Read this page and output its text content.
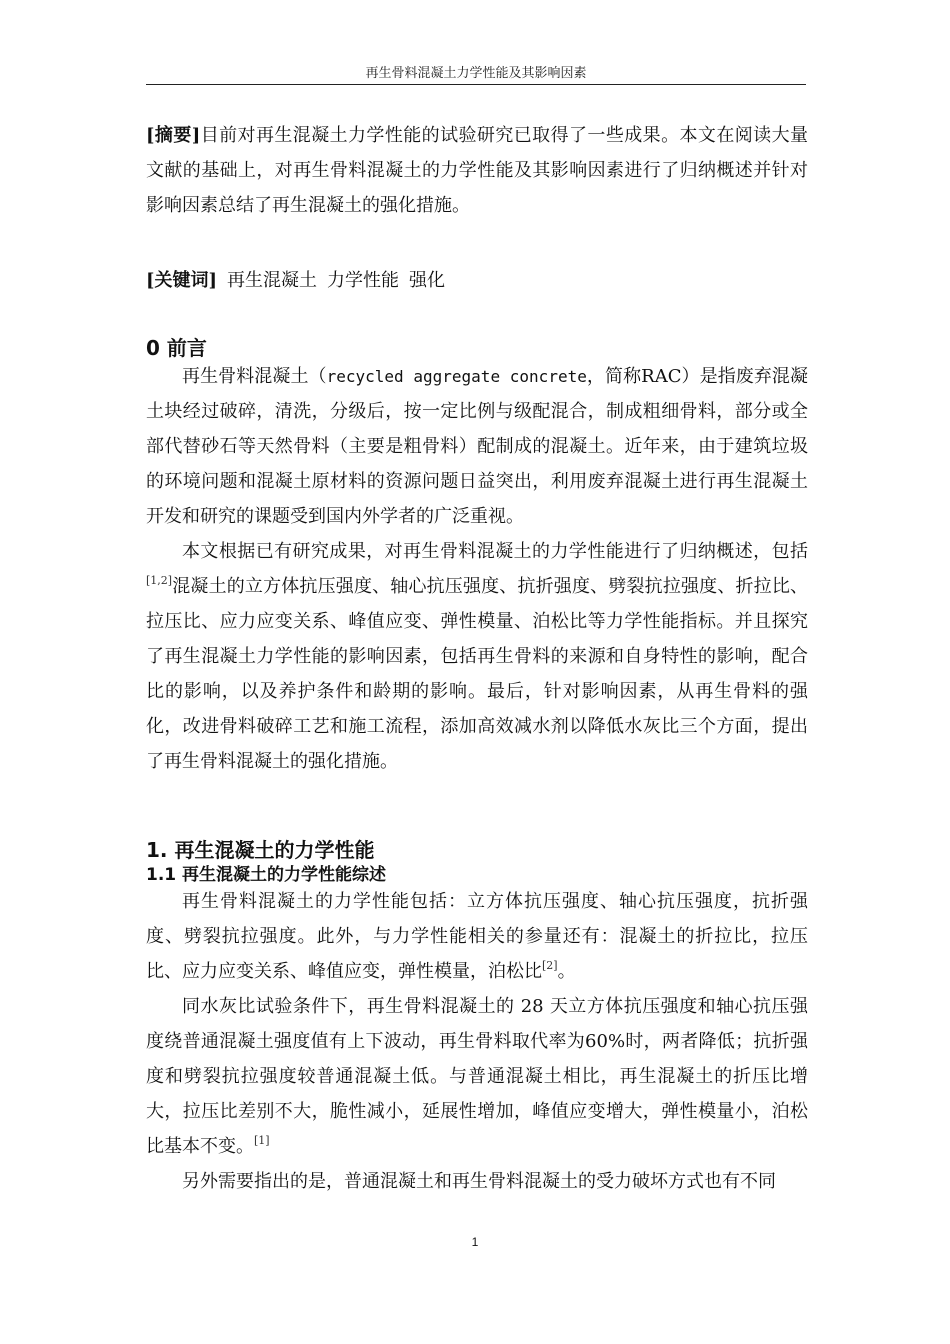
再生骨料混凝土力学性能及其影响因素
[摘要]目前对再生混凝土力学性能的试验研究已取得了一些成果。本文在阅读大量文献的基础上，对再生骨料混凝土的力学性能及其影响因素进行了归纳概述并针对影响因素总结了再生混凝土的强化措施。
[关键词] 再生混凝土 力学性能 强化
0 前言

再生骨料混凝土（recycled aggregate concrete，简称RAC）是指废弃混凝土块经过破碎，清洗，分级后，按一定比例与级配混合，制成粗细骨料，部分或全部代替砂石等天然骨料（主要是粗骨料）配制成的混凝土。近年来，由于建筑垃圾的环境问题和混凝土原材料的资源问题日益突出，利用废弃混凝土进行再生混凝土开发和研究的课题受到国内外学者的广泛重视。

本文根据已有研究成果，对再生骨料混凝土的力学性能进行了归纳概述，包括[1,2]混凝土的立方体抗压强度、轴心抗压强度、抗折强度、劈裂抗拉强度、折拉比、拉压比、应力应变关系、峰值应变、弹性模量、泊松比等力学性能指标。并且探究了再生混凝土力学性能的影响因素，包括再生骨料的来源和自身特性的影响，配合比的影响，以及养护条件和龄期的影响。最后，针对影响因素，从再生骨料的强化，改进骨料破碎工艺和施工流程，添加高效减水剂以降低水灰比三个方面，提出了再生骨料混凝土的强化措施。

1. 再生混凝土的力学性能
1.1 再生混凝土的力学性能综述

再生骨料混凝土的力学性能包括：立方体抗压强度、轴心抗压强度，抗折强度、劈裂抗拉强度。此外，与力学性能相关的参量还有：混凝土的折拉比，拉压比、应力应变关系、峰值应变，弹性模量，泊松比[2]。

同水灰比试验条件下，再生骨料混凝土的 28 天立方体抗压强度和轴心抗压强度绕普通混凝土强度值有上下波动，再生骨料取代率为60%时，两者降低；抗折强度和劈裂抗拉强度较普通混凝土低。与普通混凝土相比，再生混凝土的折压比增大，拉压比差别不大，脆性减小，延展性增加，峰值应变增大，弹性模量小，泊松比基本不变。[1]

另外需要指出的是，普通混凝土和再生骨料混凝土的受力破坏方式也有不同

1
